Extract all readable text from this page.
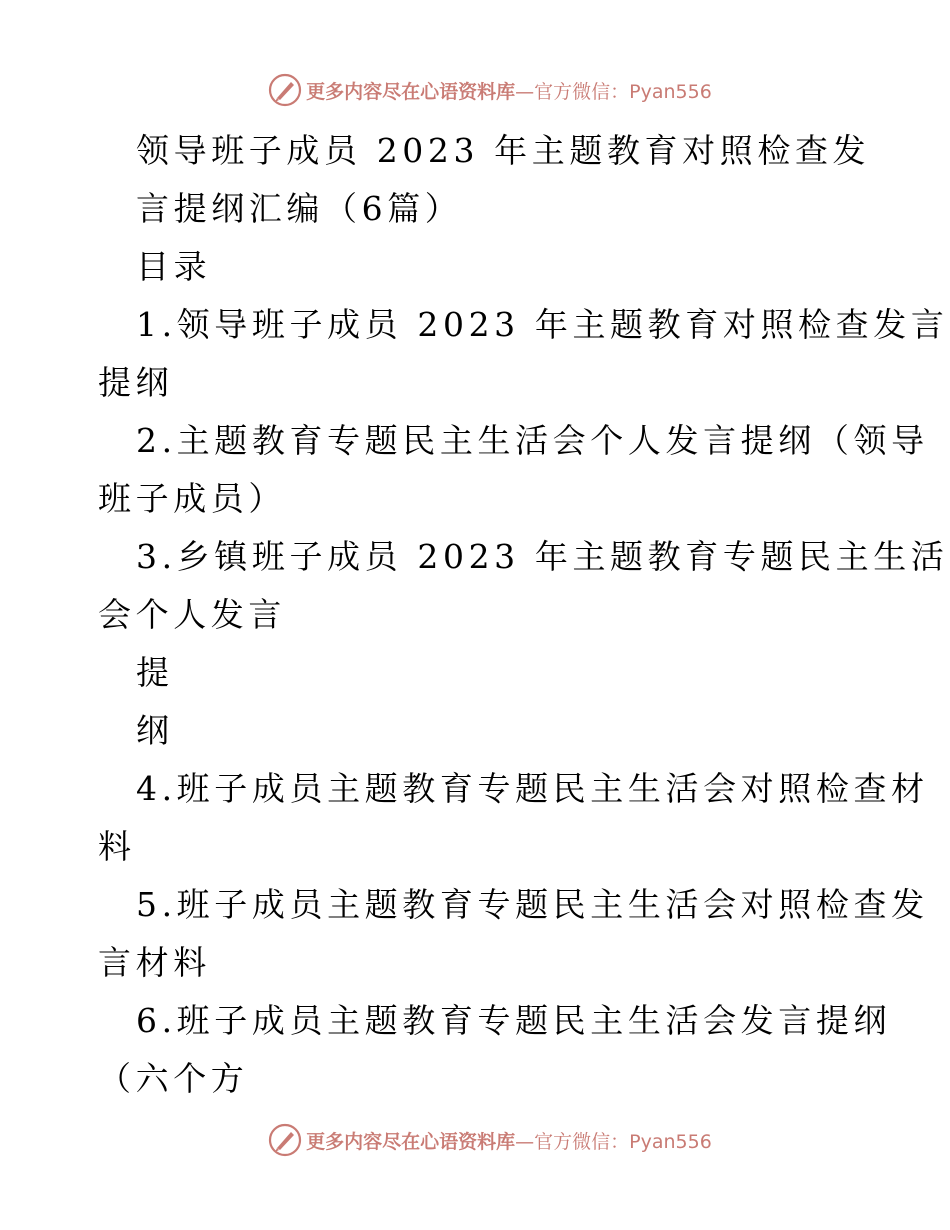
更多内容尽在心语资料库—官方微信：Pyan556
领导班子成员 2023 年主题教育对照检查发
言提纲汇编（6篇）
目录
1.领导班子成员 2023 年主题教育对照检查发言
提纲
2.主题教育专题民主生活会个人发言提纲（领导
班子成员）
3.乡镇班子成员 2023 年主题教育专题民主生活
会个人发言
提
纲
4.班子成员主题教育专题民主生活会对照检查材
料
5.班子成员主题教育专题民主生活会对照检查发
言材料
6.班子成员主题教育专题民主生活会发言提纲
（六个方
更多内容尽在心语资料库—官方微信：Pyan556
